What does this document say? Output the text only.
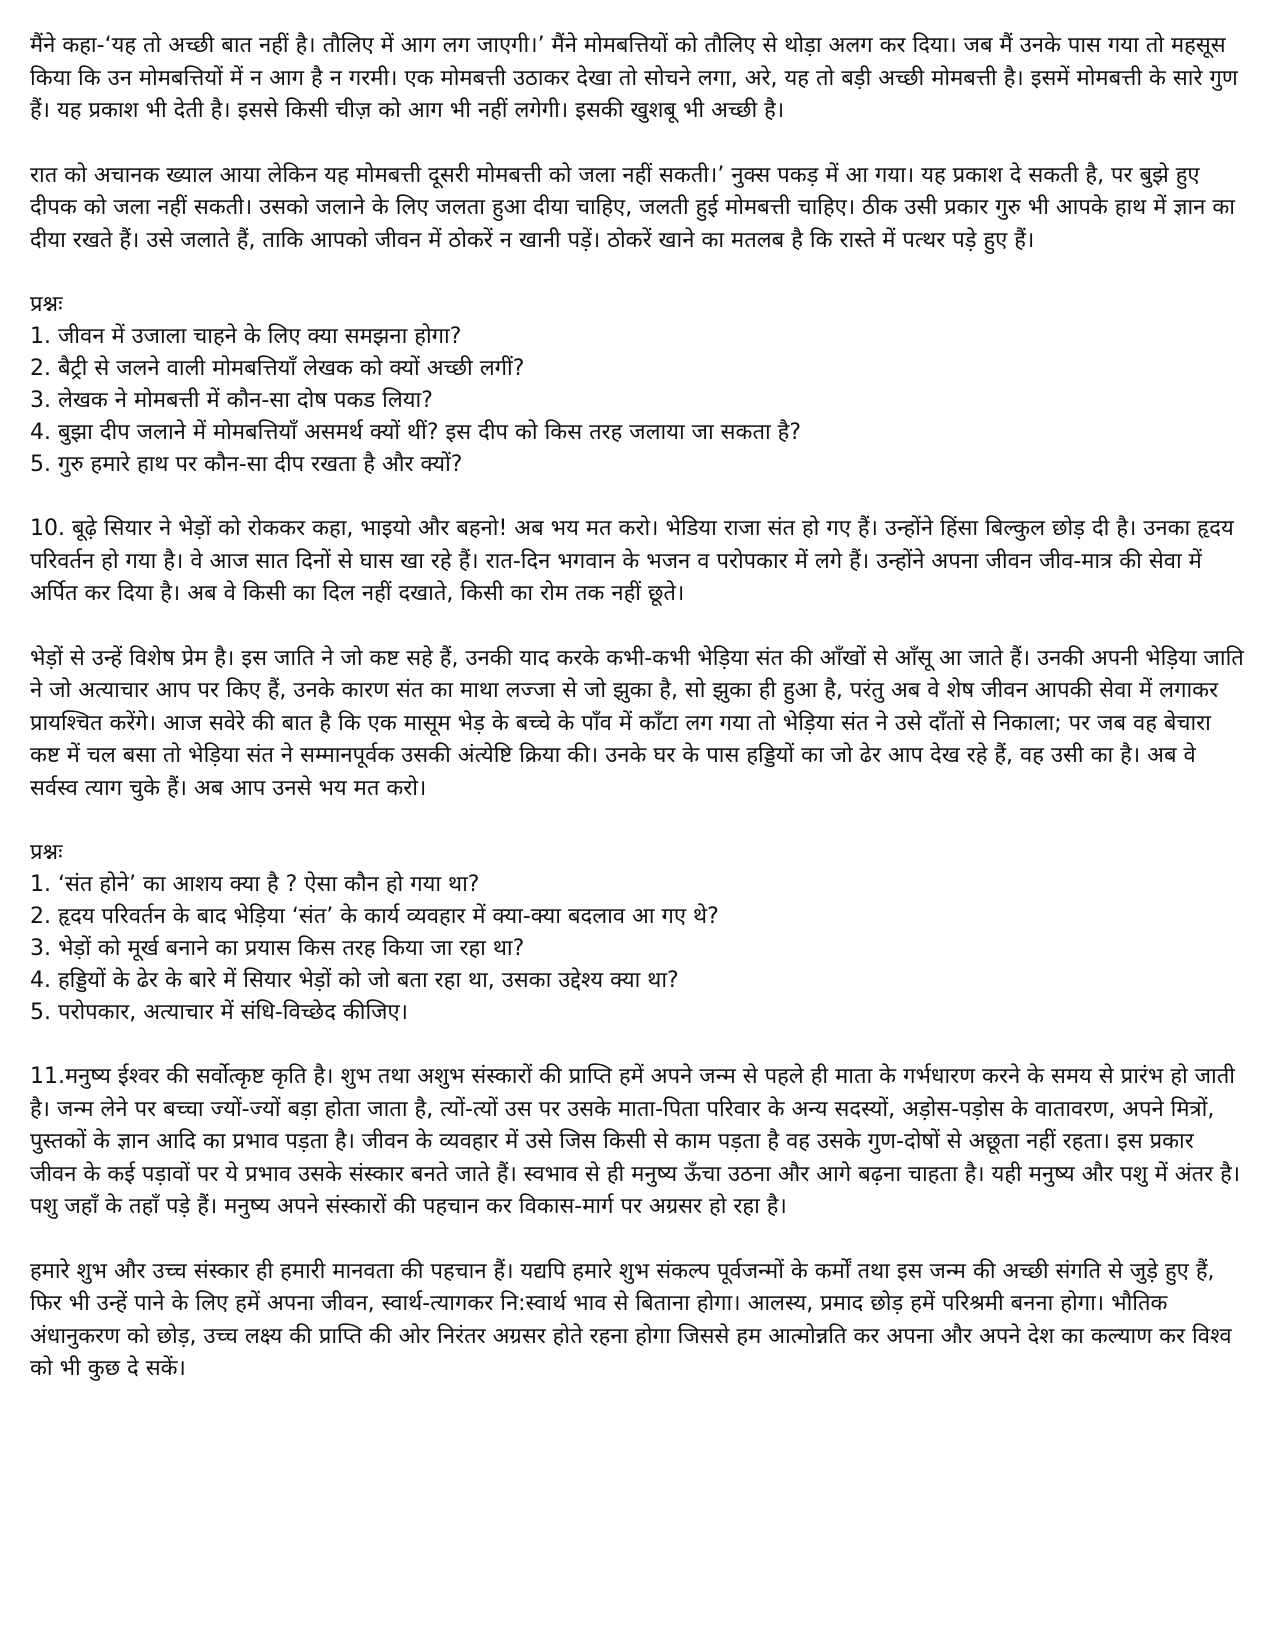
मैंने कहा-‘यह तो अच्छी बात नहीं है। तौलिए में आग लग जाएगी।’ मैंने मोमबत्तियों को तौलिए से थोड़ा अलग कर दिया। जब मैं उनके पास गया तो महसूस किया कि उन मोमबत्तियों में न आग है न गरमी। एक मोमबत्ती उठाकर देखा तो सोचने लगा, अरे, यह तो बड़ी अच्छी मोमबत्ती है। इसमें मोमबत्ती के सारे गुण हैं। यह प्रकाश भी देती है। इससे किसी चीज़ को आग भी नहीं लगेगी। इसकी खुशबू भी अच्छी है।

रात को अचानक ख्याल आया लेकिन यह मोमबत्ती दूसरी मोमबत्ती को जला नहीं सकती।’ नुक्स पकड़ में आ गया। यह प्रकाश दे सकती है, पर बुझे हुए दीपक को जला नहीं सकती। उसको जलाने के लिए जलता हुआ दीया चाहिए, जलती हुई मोमबत्ती चाहिए। ठीक उसी प्रकार गुरु भी आपके हाथ में ज्ञान का दीया रखते हैं। उसे जलाते हैं, ताकि आपको जीवन में ठोकरें न खानी पड़ें। ठोकरें खाने का मतलब है कि रास्ते में पत्थर पड़े हुए हैं।

प्रश्नः

1. जीवन में उजाला चाहने के लिए क्या समझना होगा?
2. बैट्री से जलने वाली मोमबत्तियाँ लेखक को क्यों अच्छी लगीं?
3. लेखक ने मोमबत्ती में कौन-सा दोष पकड लिया?
4. बुझा दीप जलाने में मोमबत्तियाँ असमर्थ क्यों थीं? इस दीप को किस तरह जलाया जा सकता है?
5. गुरु हमारे हाथ पर कौन-सा दीप रखता है और क्यों?

10. बूढ़े सियार ने भेड़ों को रोककर कहा, भाइयो और बहनो! अब भय मत करो। भेडिया राजा संत हो गए हैं। उन्होंने हिंसा बिल्कुल छोड़ दी है। उनका हृदय परिवर्तन हो गया है। वे आज सात दिनों से घास खा रहे हैं। रात-दिन भगवान के भजन व परोपकार में लगे हैं। उन्होंने अपना जीवन जीव-मात्र की सेवा में अर्पित कर दिया है। अब वे किसी का दिल नहीं दखाते, किसी का रोम तक नहीं छूते।

भेड़ों से उन्हें विशेष प्रेम है। इस जाति ने जो कष्ट सहे हैं, उनकी याद करके कभी-कभी भेड़िया संत की आँखों से आँसू आ जाते हैं। उनकी अपनी भेड़िया जाति ने जो अत्याचार आप पर किए हैं, उनके कारण संत का माथा लज्जा से जो झुका है, सो झुका ही हुआ है, परंतु अब वे शेष जीवन आपकी सेवा में लगाकर प्रायश्चित करेंगे। आज सवेरे की बात है कि एक मासूम भेड़ के बच्चे के पाँव में काँटा लग गया तो भेड़िया संत ने उसे दाँतों से निकाला; पर जब वह बेचारा कष्ट में चल बसा तो भेड़िया संत ने सम्मानपूर्वक उसकी अंत्येष्टि क्रिया की। उनके घर के पास हड्डियों का जो ढेर आप देख रहे हैं, वह उसी का है। अब वे सर्वस्व त्याग चुके हैं। अब आप उनसे भय मत करो।

प्रश्नः

1. ‘संत होने’ का आशय क्या है ? ऐसा कौन हो गया था?
2. हृदय परिवर्तन के बाद भेड़िया ‘संत’ के कार्य व्यवहार में क्या-क्या बदलाव आ गए थे?
3. भेड़ों को मूर्ख बनाने का प्रयास किस तरह किया जा रहा था?
4. हड्डियों के ढेर के बारे में सियार भेड़ों को जो बता रहा था, उसका उद्देश्य क्या था?
5. परोपकार, अत्याचार में संधि-विच्छेद कीजिए।

11.मनुष्य ईश्वर की सर्वोत्कृष्ट कृति है। शुभ तथा अशुभ संस्कारों की प्राप्ति हमें अपने जन्म से पहले ही माता के गर्भधारण करने के समय से प्रारंभ हो जाती है। जन्म लेने पर बच्चा ज्यों-ज्यों बड़ा होता जाता है, त्यों-त्यों उस पर उसके माता-पिता परिवार के अन्य सदस्यों, अड़ोस-पड़ोस के वातावरण, अपने मित्रों, पुस्तकों के ज्ञान आदि का प्रभाव पड़ता है। जीवन के व्यवहार में उसे जिस किसी से काम पड़ता है वह उसके गुण-दोषों से अछूता नहीं रहता। इस प्रकार जीवन के कई पड़ावों पर ये प्रभाव उसके संस्कार बनते जाते हैं। स्वभाव से ही मनुष्य ऊँचा उठना और आगे बढ़ना चाहता है। यही मनुष्य और पशु में अंतर है। पशु जहाँ के तहाँ पड़े हैं। मनुष्य अपने संस्कारों की पहचान कर विकास-मार्ग पर अग्रसर हो रहा है।

हमारे शुभ और उच्च संस्कार ही हमारी मानवता की पहचान हैं। यद्यपि हमारे शुभ संकल्प पूर्वजन्मों के कर्मों तथा इस जन्म की अच्छी संगति से जुड़े हुए हैं, फिर भी उन्हें पाने के लिए हमें अपना जीवन, स्वार्थ-त्यागकर नि:स्वार्थ भाव से बिताना होगा। आलस्य, प्रमाद छोड़ हमें परिश्रमी बनना होगा। भौतिक अंधानुकरण को छोड़, उच्च लक्ष्य की प्राप्ति की ओर निरंतर अग्रसर होते रहना होगा जिससे हम आत्मोन्नति कर अपना और अपने देश का कल्याण कर विश्व को भी कुछ दे सकें।
